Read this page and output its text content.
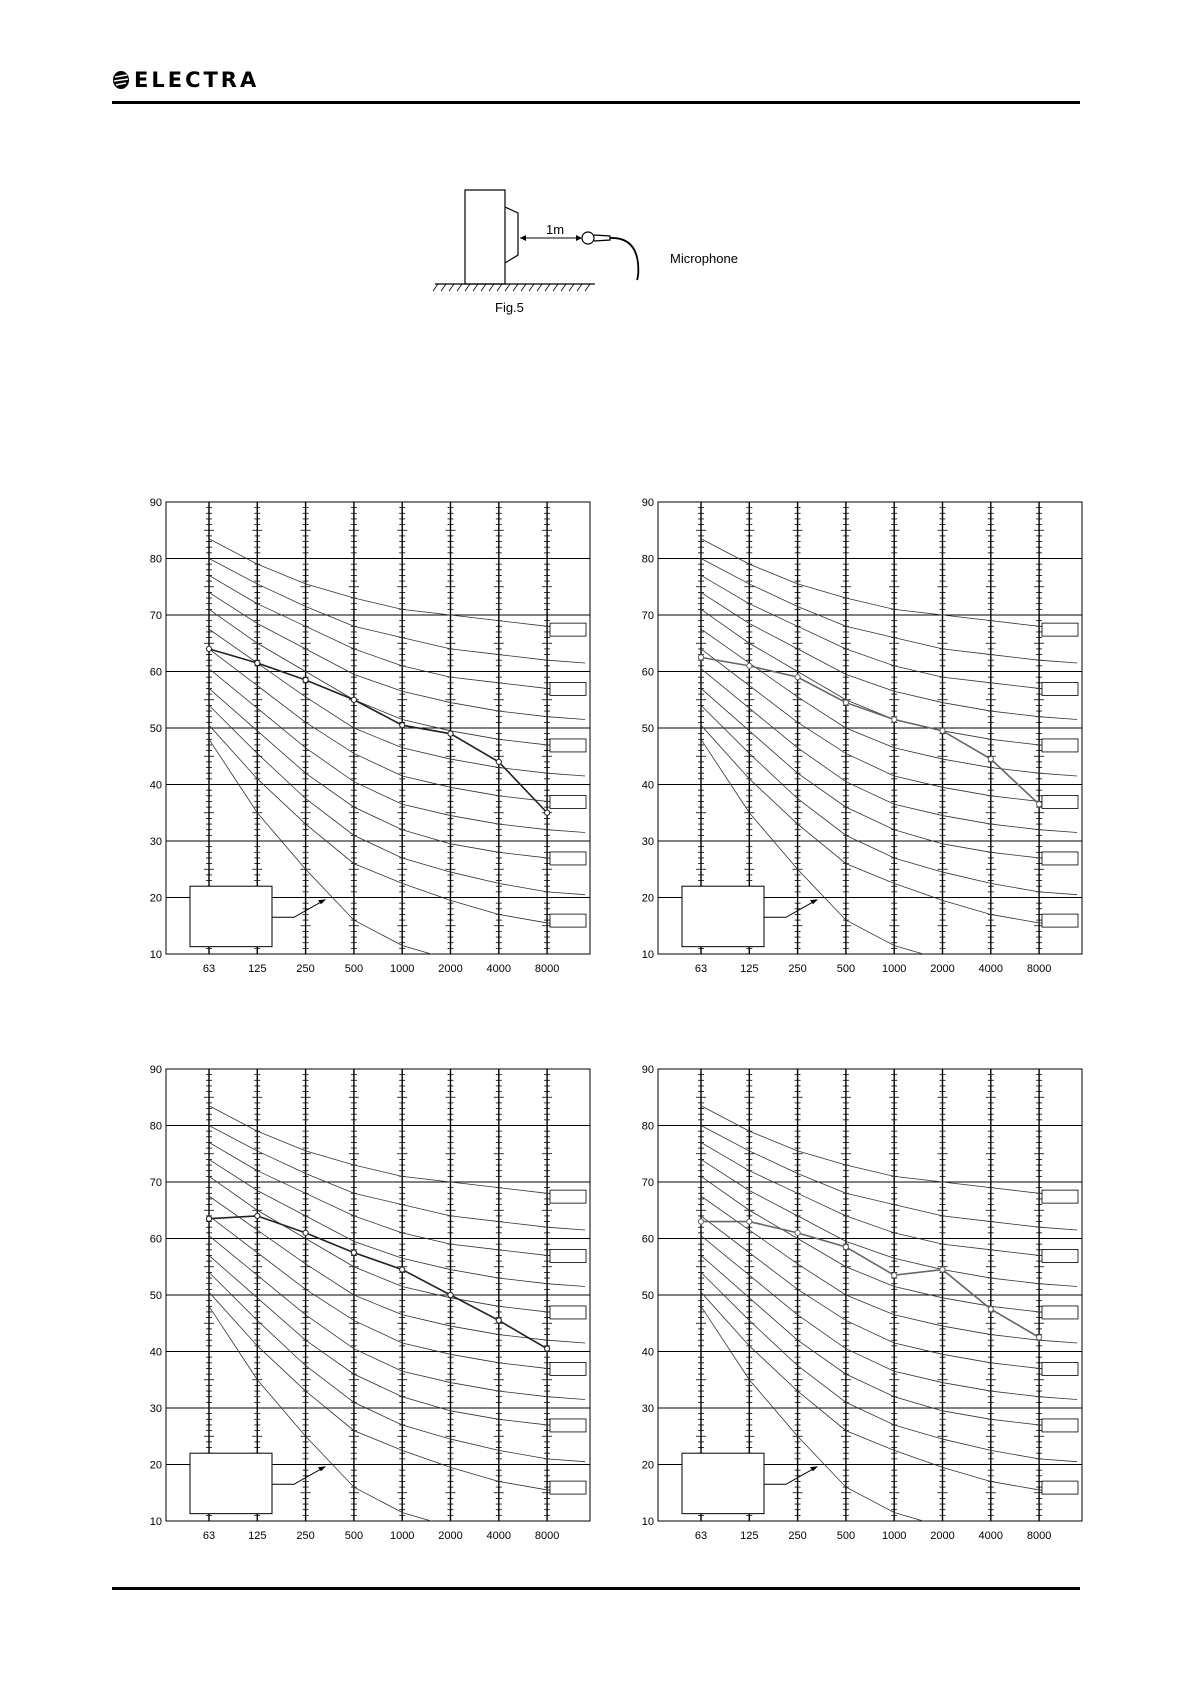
ELECTRA
1m
Microphone
Fig.5
90
80
70
60
50
40
30
20
10
63	125	250	500 1000 2000 4000 8000
90
80
70
60
50
40
30
20
10
63	125	250	500 1000 2000 4000 8000
90
80
70
60
50
40
30
20
10
63	125	250	500 1000 2000 4000 8000
90
80
70
60
50
40
30
20
10
63	125	250	500 1000 2000 4000 8000
